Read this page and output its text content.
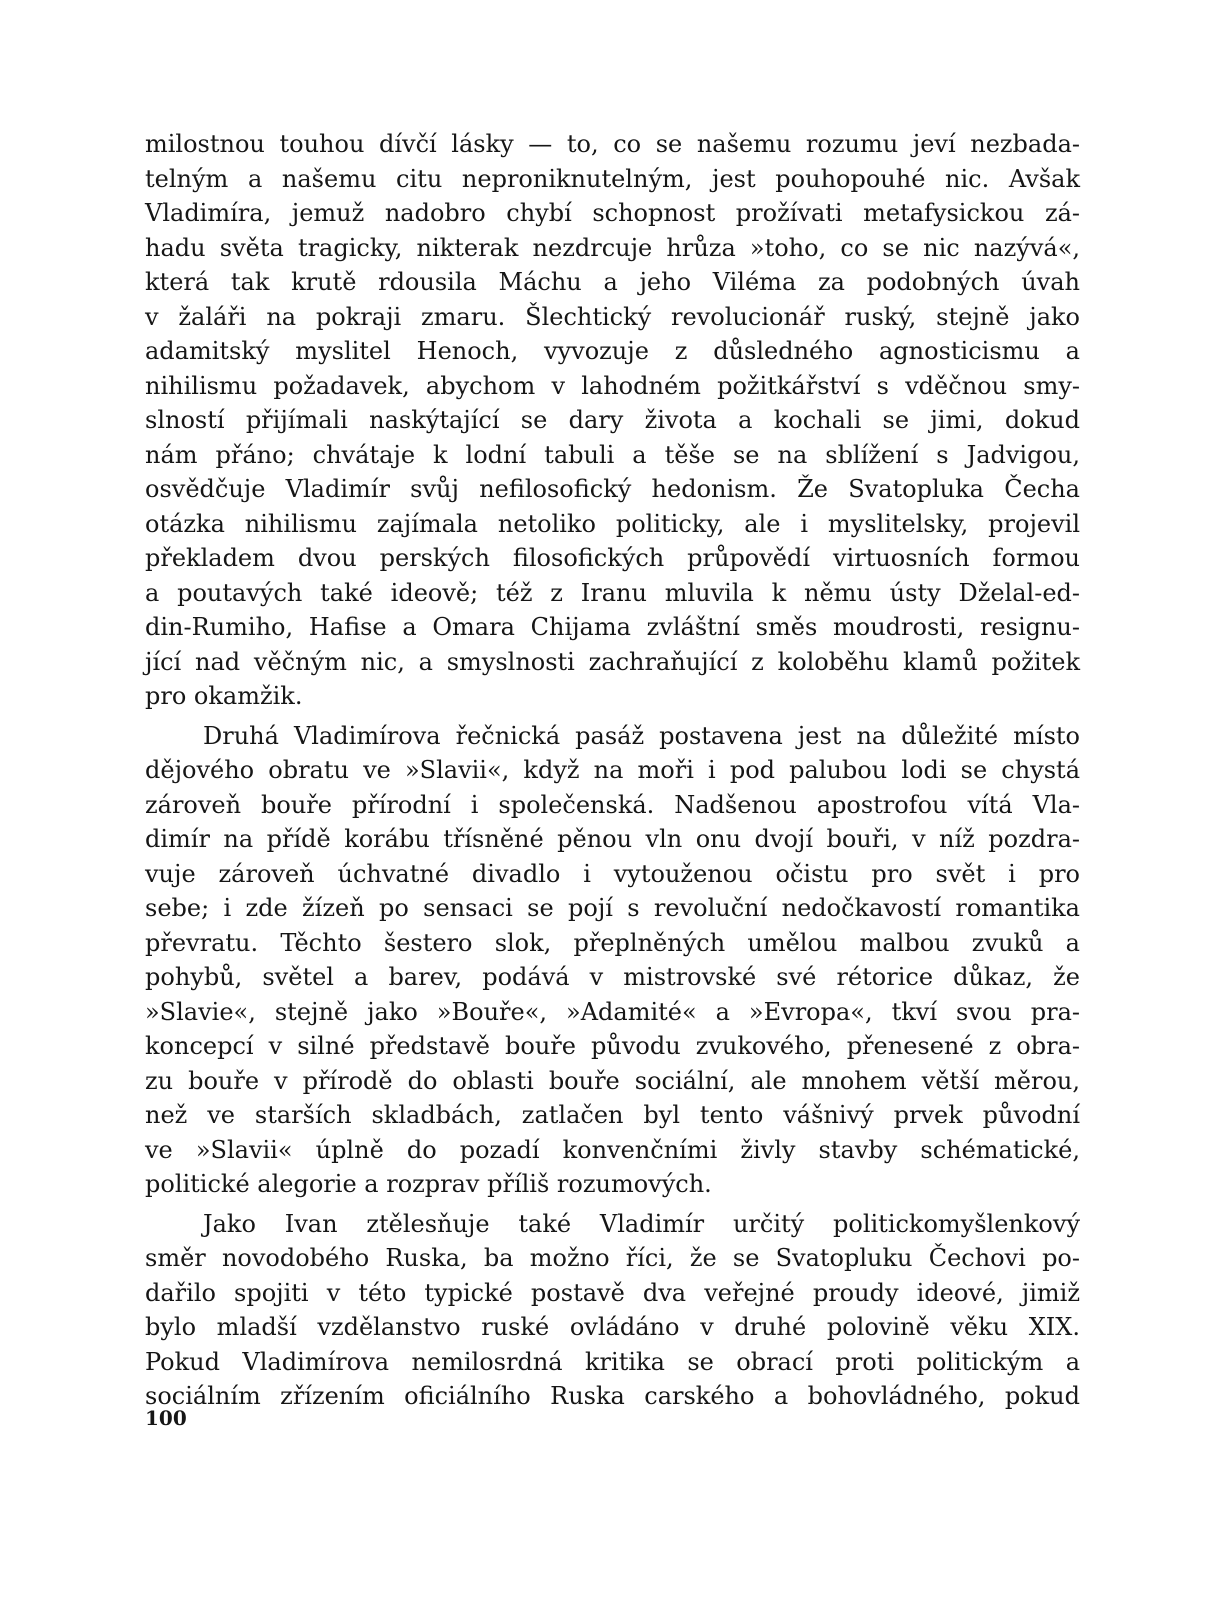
milostnou touhou dívčí lásky — to, co se našemu rozumu jeví nezbada-
telným a našemu citu neproniknutelným, jest pouhopouhé nic. Avšak
Vladimíra, jemuž nadobro chybí schopnost prožívati metafysickou zá-
hadu světa tragicky, nikterak nezdrcuje hrůza »toho, co se nic nazývá«,
která tak krutě rdousila Máchu a jeho Viléma za podobných úvah
v žaláři na pokraji zmaru. Šlechtický revolucionář ruský, stejně jako
adamitský myslitel Henoch, vyvozuje z důsledného agnosticismu a
nihilismu požadavek, abychom v lahodném požitkářství s vděčnou smy-
slností přijímali naskýtající se dary života a kochali se jimi, dokud
nám přáno; chvátaje k lodní tabuli a těše se na sblížení s Jadvigou,
osvědčuje Vladimír svůj nefilosofický hedonism. Že Svatopluka Čecha
otázka nihilismu zajímala netoliko politicky, ale i myslitelsky, projevil
překladem dvou perských filosofických průpovědí virtuosních formou
a poutavých také ideově; též z Iranu mluvila k němu ústy Dželal-ed-
din-Rumiho, Hafise a Omara Chijama zvláštní směs moudrosti, resignu-
jící nad věčným nic, a smyslnosti zachraňující z koloběhu klamů požitek
pro okamžik.
Druhá Vladimírova řečnická pasáž postavena jest na důležité místo
dějového obratu ve »Slavii«, když na moři i pod palubou lodi se chystá
zároveň bouře přírodní i společenská. Nadšenou apostrofou vítá Vla-
dimír na přídě korábu třísněné pěnou vln onu dvojí bouři, v níž pozdra-
vuje zároveň úchvatné divadlo i vytouženou očistu pro svět i pro
sebe; i zde žízeň po sensaci se pojí s revoluční nedočkavostí romantika
převratu. Těchto šestero slok, přeplněných umělou malbou zvuků a
pohybů, světel a barev, podává v mistrovské své rétorice důkaz, že
»Slavie«, stejně jako »Bouře«, »Adamité« a »Evropa«, tkví svou pra-
koncepcí v silné představě bouře původu zvukového, přenesené z obra-
zu bouře v přírodě do oblasti bouře sociální, ale mnohem větší měrou,
než ve starších skladbách, zatlačen byl tento vášnivý prvek původní
ve »Slavii« úplně do pozadí konvenčními živly stavby schématické,
politické alegorie a rozprav příliš rozumových.
Jako Ivan ztělesňuje také Vladimír určitý politickomyšlenkový
směr novodobého Ruska, ba možno říci, že se Svatopluku Čechovi po-
dařilo spojiti v této typické postavě dva veřejné proudy ideové, jimiž
bylo mladší vzdělanstvo ruské ovládáno v druhé polovině věku XIX.
Pokud Vladimírova nemilosrdná kritika se obrací proti politickým a
sociálním zřízením oficiálního Ruska carského a bohovládného, pokud
100
